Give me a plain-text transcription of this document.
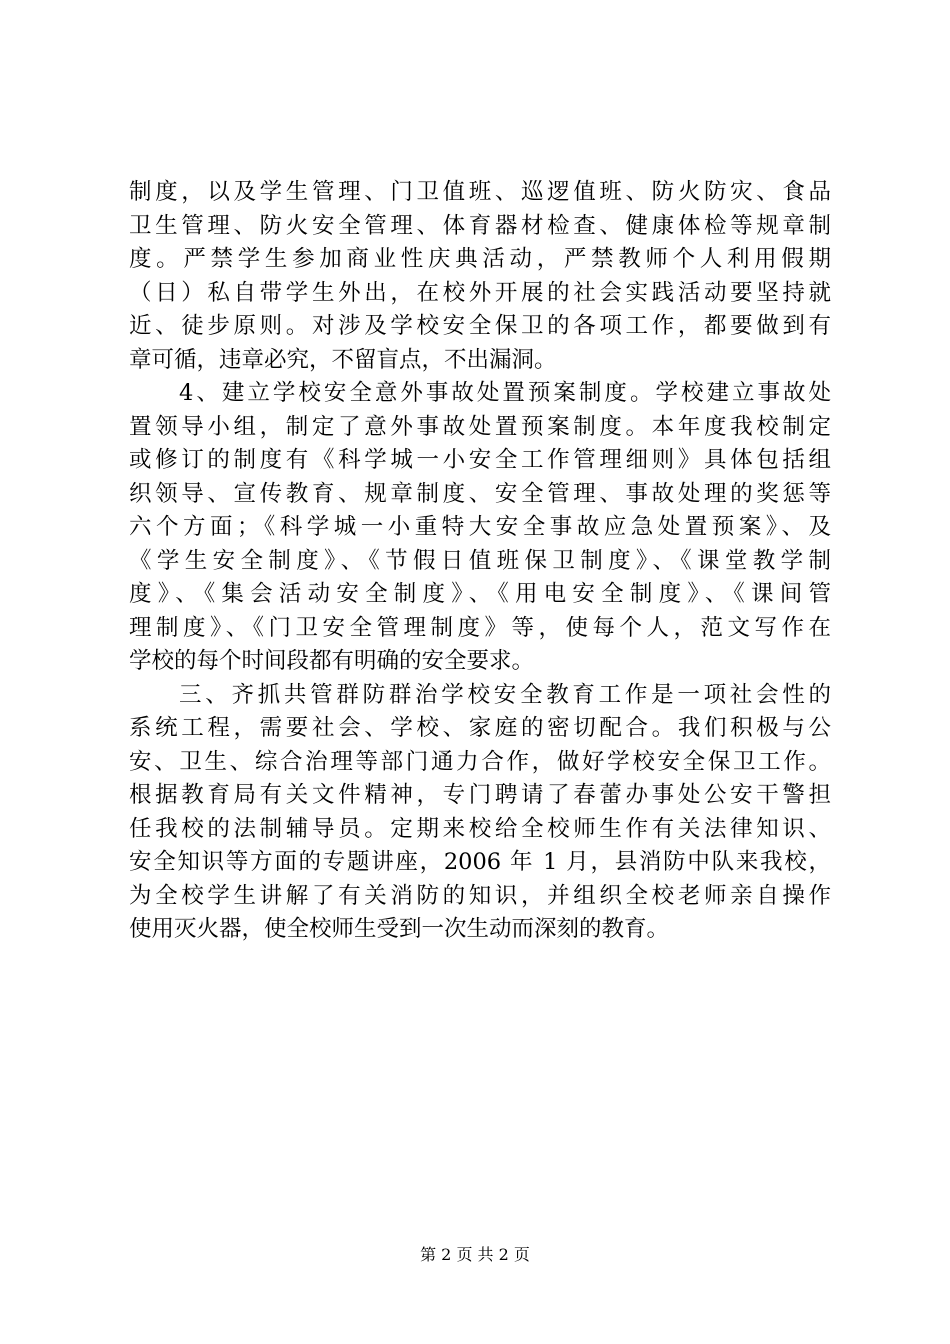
制度，以及学生管理、门卫值班、巡逻值班、防火防灾、食品
卫生管理、防火安全管理、体育器材检查、健康体检等规章制
度。严禁学生参加商业性庆典活动，严禁教师个人利用假期
（日）私自带学生外出，在校外开展的社会实践活动要坚持就
近、徒步原则。对涉及学校安全保卫的各项工作，都要做到有
章可循，违章必究，不留盲点，不出漏洞。
4、建立学校安全意外事故处置预案制度。学校建立事故处
置领导小组，制定了意外事故处置预案制度。本年度我校制定
或修订的制度有《科学城一小安全工作管理细则》具体包括组
织领导、宣传教育、规章制度、安全管理、事故处理的奖惩等
六个方面；《科学城一小重特大安全事故应急处置预案》、及
《学生安全制度》、《节假日值班保卫制度》、《课堂教学制
度》、《集会活动安全制度》、《用电安全制度》、《课间管
理制度》、《门卫安全管理制度》等，使每个人，范文写作在
学校的每个时间段都有明确的安全要求。
三、齐抓共管群防群治学校安全教育工作是一项社会性的
系统工程，需要社会、学校、家庭的密切配合。我们积极与公
安、卫生、综合治理等部门通力合作，做好学校安全保卫工作。
根据教育局有关文件精神，专门聘请了春蕾办事处公安干警担
任我校的法制辅导员。定期来校给全校师生作有关法律知识、
安全知识等方面的专题讲座，2006 年 1 月，县消防中队来我校，
为全校学生讲解了有关消防的知识，并组织全校老师亲自操作
使用灭火器，使全校师生受到一次生动而深刻的教育。
第 2 页 共 2 页
